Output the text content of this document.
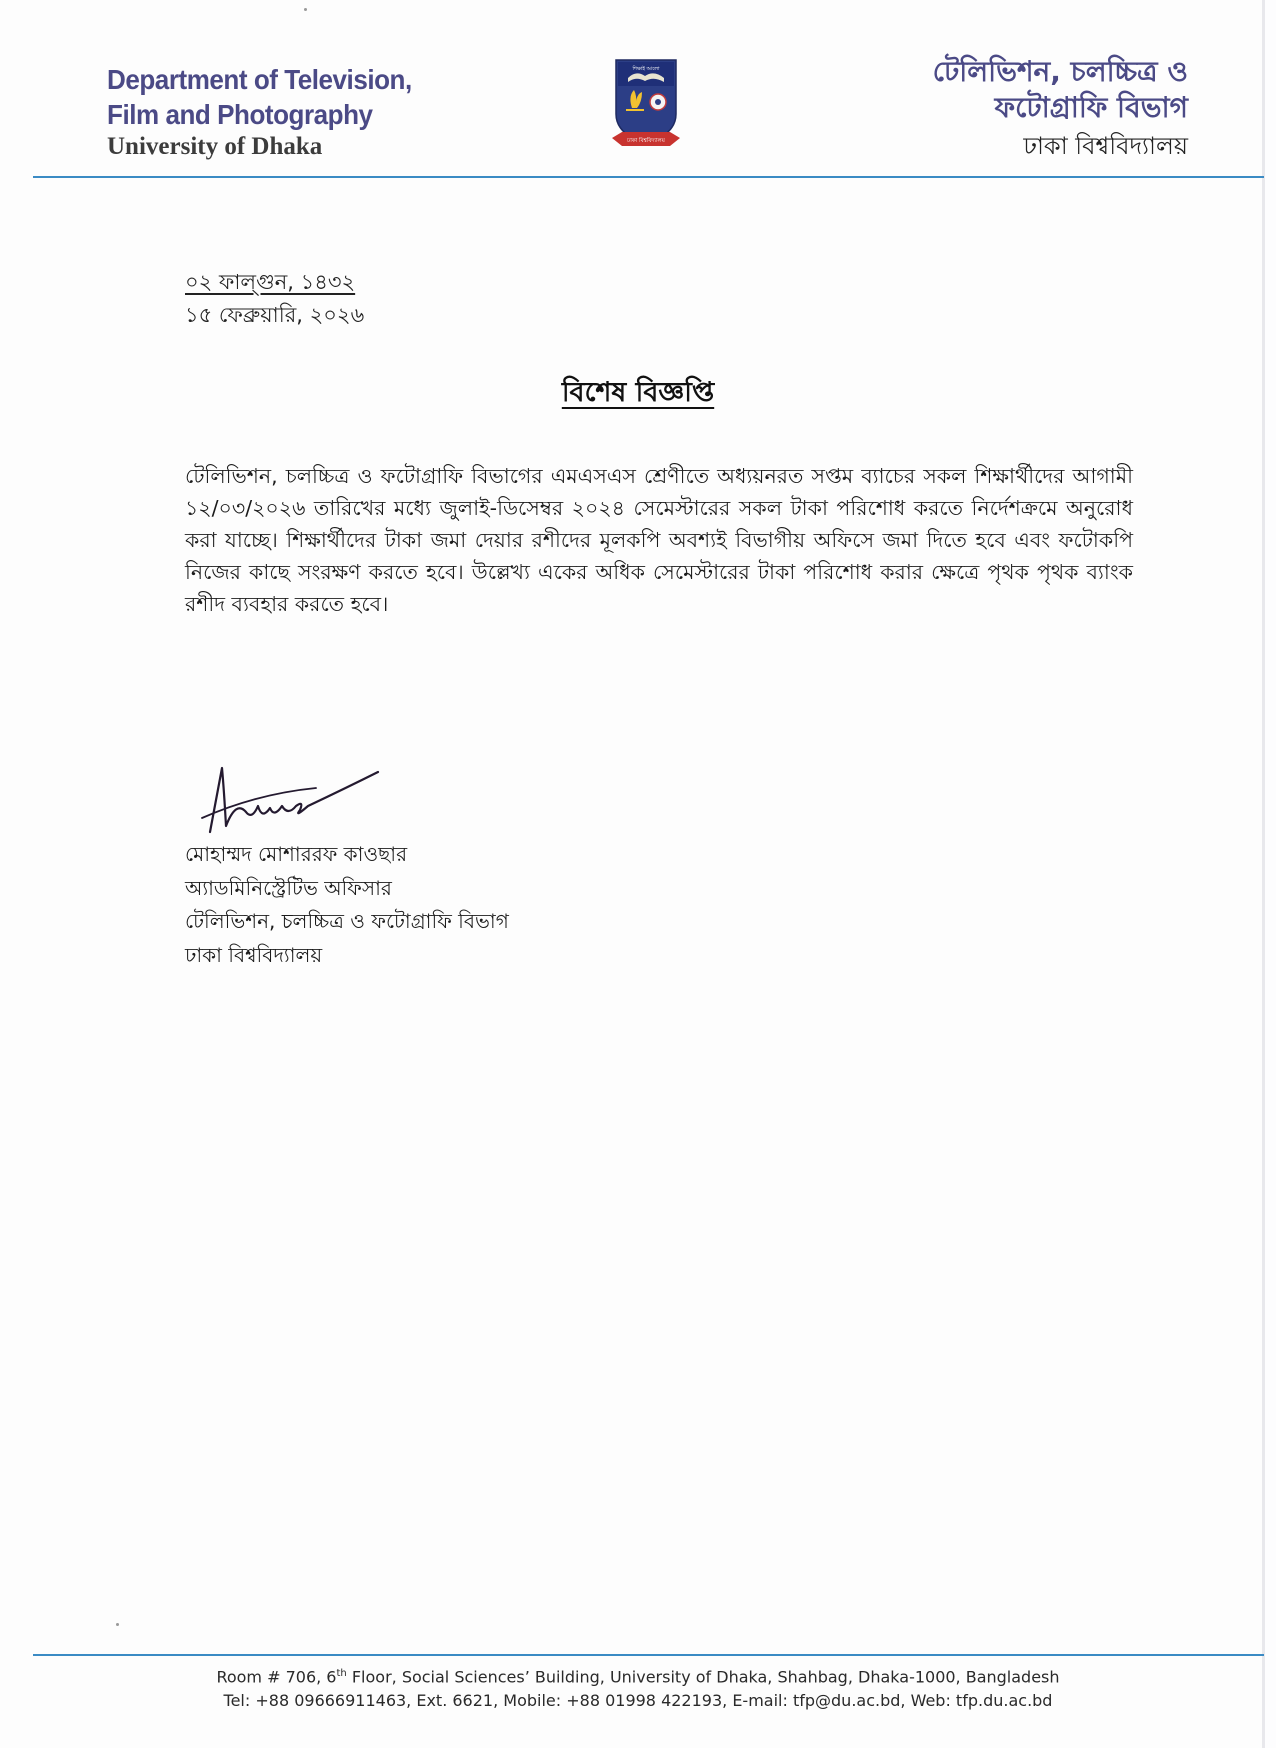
Department of Television,
Film and Photography
University of Dhaka
শিক্ষাই আলো
ঢাকা বিশ্ববিদ্যালয়
টেলিভিশন, চলচ্চিত্র ও
ফটোগ্রাফি বিভাগ
ঢাকা বিশ্ববিদ্যালয়
০২ ফাল্গুন, ১৪৩২
১৫ ফেব্রুয়ারি, ২০২৬
বিশেষ বিজ্ঞপ্তি
টেলিভিশন, চলচ্চিত্র ও ফটোগ্রাফি বিভাগের এমএসএস শ্রেণীতে অধ্যয়নরত সপ্তম ব্যাচের সকল শিক্ষার্থীদের আগামী ১২/০৩/২০২৬ তারিখের মধ্যে জুলাই-ডিসেম্বর ২০২৪ সেমেস্টারের সকল টাকা পরিশোধ করতে নির্দেশক্রমে অনুরোধ করা যাচ্ছে। শিক্ষার্থীদের টাকা জমা দেয়ার রশীদের মূলকপি অবশ্যই বিভাগীয় অফিসে জমা দিতে হবে এবং ফটোকপি নিজের কাছে সংরক্ষণ করতে হবে। উল্লেখ্য একের অধিক সেমেস্টারের টাকা পরিশোধ করার ক্ষেত্রে পৃথক পৃথক ব্যাংক রশীদ ব্যবহার করতে হবে।
মোহাম্মদ মোশাররফ কাওছার
অ্যাডমিনিস্ট্রেটিভ অফিসার
টেলিভিশন, চলচ্চিত্র ও ফটোগ্রাফি বিভাগ
ঢাকা বিশ্ববিদ্যালয়
Room # 706, 6th Floor, Social Sciences’ Building, University of Dhaka, Shahbag, Dhaka-1000, Bangladesh
Tel: +88 09666911463, Ext. 6621, Mobile: +88 01998 422193, E-mail: tfp@du.ac.bd, Web: tfp.du.ac.bd
